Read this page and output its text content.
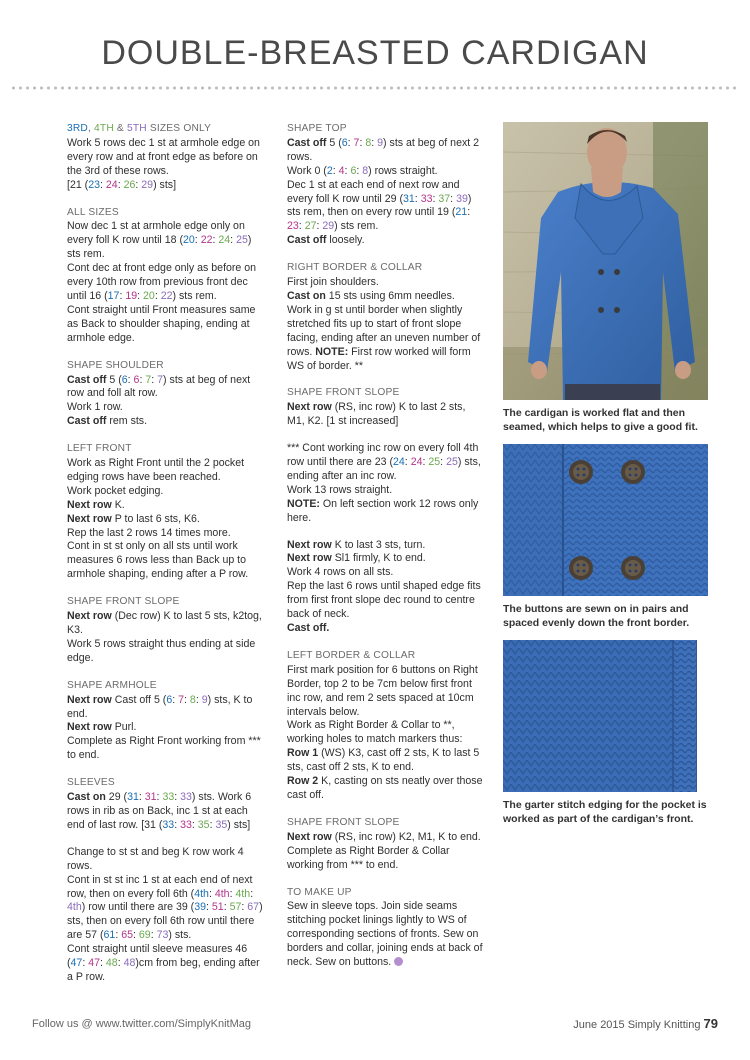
DOUBLE-BREASTED CARDIGAN
3RD, 4TH & 5TH SIZES ONLY
Work 5 rows dec 1 st at armhole edge on every row and at front edge as before on the 3rd of these rows.
[21 (23: 24: 26: 29) sts]
ALL SIZES
Now dec 1 st at armhole edge only on every foll K row until 18 (20: 22: 24: 25) sts rem.
Cont dec at front edge only as before on every 10th row from previous front dec until 16 (17: 19: 20: 22) sts rem.
Cont straight until Front measures same as Back to shoulder shaping, ending at armhole edge.
SHAPE SHOULDER
Cast off 5 (6: 6: 7: 7) sts at beg of next row and foll alt row.
Work 1 row.
Cast off rem sts.
LEFT FRONT
Work as Right Front until the 2 pocket edging rows have been reached.
Work pocket edging.
Next row K.
Next row P to last 6 sts, K6.
Rep the last 2 rows 14 times more.
Cont in st st only on all sts until work measures 6 rows less than Back up to armhole shaping, ending after a P row.
SHAPE FRONT SLOPE
Next row (Dec row) K to last 5 sts, k2tog, K3.
Work 5 rows straight thus ending at side edge.
SHAPE ARMHOLE
Next row Cast off 5 (6: 7: 8: 9) sts, K to end.
Next row Purl.
Complete as Right Front working from *** to end.
SLEEVES
Cast on 29 (31: 31: 33: 33) sts. Work 6 rows in rib as on Back, inc 1 st at each end of last row. [31 (33: 33: 35: 35) sts]
Change to st st and beg K row work 4 rows.
Cont in st st inc 1 st at each end of next row, then on every foll 6th (4th: 4th: 4th: 4th) row until there are 39 (39: 51: 57: 67) sts, then on every foll 6th row until there are 57 (61: 65: 69: 73) sts.
Cont straight until sleeve measures 46 (47: 47: 48: 48)cm from beg, ending after a P row.
SHAPE TOP
Cast off 5 (6: 7: 8: 9) sts at beg of next 2 rows.
Work 0 (2: 4: 6: 8) rows straight.
Dec 1 st at each end of next row and every foll K row until 29 (31: 33: 37: 39) sts rem, then on every row until 19 (21: 23: 27: 29) sts rem.
Cast off loosely.
RIGHT BORDER & COLLAR
First join shoulders.
Cast on 15 sts using 6mm needles.
Work in g st until border when slightly stretched fits up to start of front slope facing, ending after an uneven number of rows. NOTE: First row worked will form WS of border. **
SHAPE FRONT SLOPE
Next row (RS, inc row) K to last 2 sts, M1, K2. [1 st increased]
*** Cont working inc row on every foll 4th row until there are 23 (24: 24: 25: 25) sts, ending after an inc row.
Work 13 rows straight.
NOTE: On left section work 12 rows only here.
Next row K to last 3 sts, turn.
Next row Sl1 firmly, K to end.
Work 4 rows on all sts.
Rep the last 6 rows until shaped edge fits from first front slope dec round to centre back of neck.
Cast off.
LEFT BORDER & COLLAR
First mark position for 6 buttons on Right Border, top 2 to be 7cm below first front inc row, and rem 2 sets spaced at 10cm intervals below.
Work as Right Border & Collar to **, working holes to match markers thus:
Row 1 (WS) K3, cast off 2 sts, K to last 5 sts, cast off 2 sts, K to end.
Row 2 K, casting on sts neatly over those cast off.
SHAPE FRONT SLOPE
Next row (RS, inc row) K2, M1, K to end.
Complete as Right Border & Collar working from *** to end.
TO MAKE UP
Sew in sleeve tops. Join side seams stitching pocket linings lightly to WS of corresponding sections of fronts. Sew on borders and collar, joining ends at back of neck. Sew on buttons.
The cardigan is worked flat and then seamed, which helps to give a good fit.
The buttons are sewn on in pairs and spaced evenly down the front border.
The garter stitch edging for the pocket is worked as part of the cardigan’s front.
Follow us @ www.twitter.com/SimplyKnitMag	June 2015 Simply Knitting 79
